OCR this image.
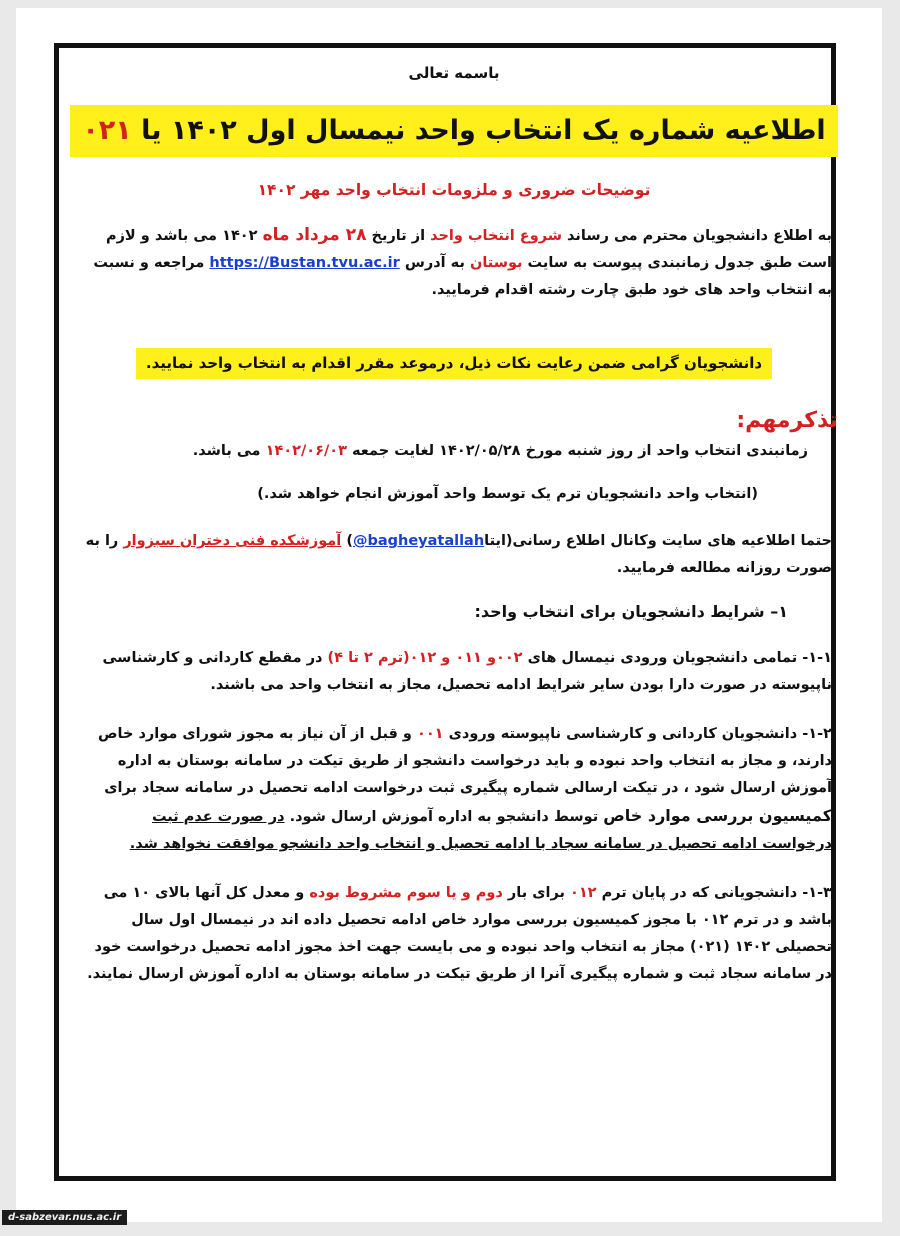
باسمه تعالی
اطلاعیه شماره یک انتخاب واحد نیمسال اول ۱۴۰۲ یا ۰۲۱
توضیحات ضروری و ملزومات انتخاب واحد مهر ۱۴۰۲
به اطلاع دانشجویان محترم می رساند شروع انتخاب واحد از تاریخ ۲۸ مرداد ماه ۱۴۰۲ می باشد و لازم است طبق جدول زمانبندی پیوست به سایت بوستان به آدرس https://Bustan.tvu.ac.ir مراجعه و نسبت به انتخاب واحد های خود طبق چارت رشته اقدام فرمایید.
دانشجویان گرامی ضمن رعایت نکات ذیل، درموعد مقرر اقدام به انتخاب واحد نمایید.
تذکرمهم:
زمانبندی انتخاب واحد از روز شنبه مورخ ۱۴۰۲/۰۵/۲۸ لغایت جمعه ۱۴۰۲/۰۶/۰۳ می باشد.
(انتخاب واحد دانشجویان ترم یک توسط واحد آموزش انجام خواهد شد.)
حتما اطلاعیه های سایت وکانال اطلاع رسانی(ایتا@bagheyatallah) آموزشکده فنی دختران سبزوار را به صورت روزانه مطالعه فرمایید.
۱– شرایط دانشجویان برای انتخاب واحد:
۱-۱- تمامی دانشجویان ورودی نیمسال های ۰۰۲و ۰۱۱ و ۰۱۲(ترم ۲ تا ۴) در مقطع کاردانی و کارشناسی ناپیوسته در صورت دارا بودن سایر شرایط ادامه تحصیل، مجاز به انتخاب واحد می باشند.
۱-۲- دانشجویان کاردانی و کارشناسی ناپیوسته ورودی ۰۰۱ و قبل از آن نیاز به مجوز شورای موارد خاص دارند، و مجاز به انتخاب واحد نبوده و باید درخواست دانشجو از طریق تیکت در سامانه بوستان به اداره آموزش ارسال شود ، در تیکت ارسالی شماره پیگیری ثبت درخواست ادامه تحصیل در سامانه سجاد برای کمیسیون بررسی موارد خاص توسط دانشجو به اداره آموزش ارسال شود. در صورت عدم ثبت درخواست ادامه تحصیل در سامانه سجاد با ادامه تحصیل و انتخاب واحد دانشجو موافقت نخواهد شد.
۱-۳- دانشجویانی که در پایان ترم ۰۱۲ برای بار دوم و یا سوم مشروط بوده و معدل کل آنها بالای ۱۰ می باشد و در ترم ۰۱۲ با مجوز کمیسیون بررسی موارد خاص ادامه تحصیل داده اند در نیمسال اول سال تحصیلی ۱۴۰۲ (۰۲۱) مجاز به انتخاب واحد نبوده و می بایست جهت اخذ مجوز ادامه تحصیل درخواست خود در سامانه سجاد ثبت و شماره پیگیری آنرا از طریق تیکت در سامانه بوستان به اداره آموزش ارسال نمایند.
d-sabzevar.nus.ac.ir
